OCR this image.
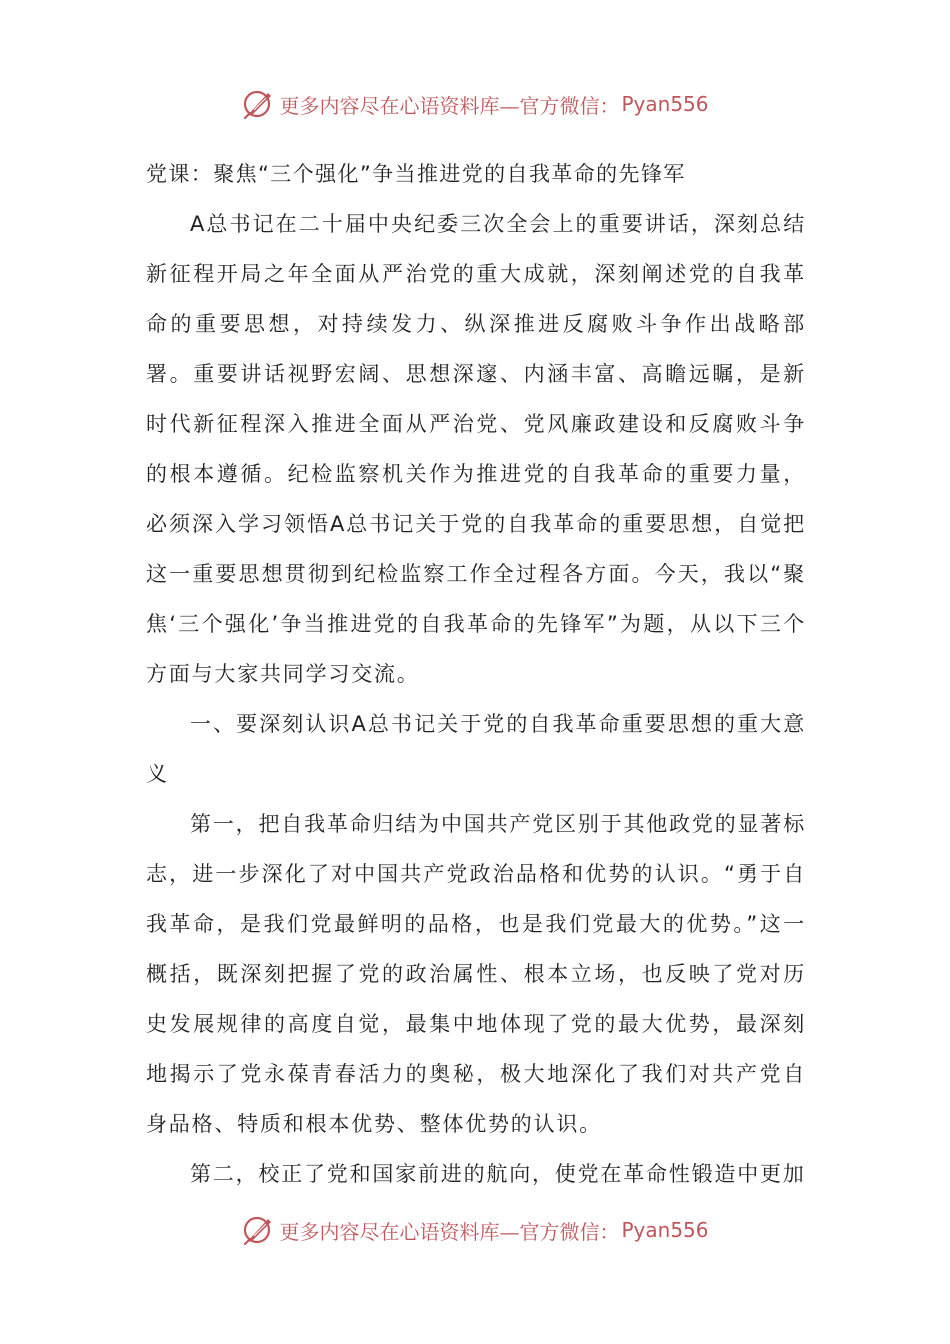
更多内容尽在心语资料库—官方微信： Pyan556

党课：聚焦“三个强化”争当推进党的自我革命的先锋军

A总书记在二十届中央纪委三次全会上的重要讲话，深刻总结新征程开局之年全面从严治党的重大成就，深刻阐述党的自我革命的重要思想，对持续发力、纵深推进反腐败斗争作出战略部署。重要讲话视野宏阔、思想深邃、内涵丰富、高瞻远瞩，是新时代新征程深入推进全面从严治党、党风廉政建设和反腐败斗争的根本遵循。纪检监察机关作为推进党的自我革命的重要力量，必须深入学习领悟A总书记关于党的自我革命的重要思想，自觉把这一重要思想贯彻到纪检监察工作全过程各方面。今天，我以“聚焦‘三个强化’争当推进党的自我革命的先锋军”为题，从以下三个方面与大家共同学习交流。

一、要深刻认识A总书记关于党的自我革命重要思想的重大意义

第一，把自我革命归结为中国共产党区别于其他政党的显著标志，进一步深化了对中国共产党政治品格和优势的认识。“勇于自我革命，是我们党最鲜明的品格，也是我们党最大的优势。”这一概括，既深刻把握了党的政治属性、根本立场，也反映了党对历史发展规律的高度自觉，最集中地体现了党的最大优势，最深刻地揭示了党永葆青春活力的奥秘，极大地深化了我们对共产党自身品格、特质和根本优势、整体优势的认识。

第二，校正了党和国家前进的航向，使党在革命性锻造中更加

更多内容尽在心语资料库—官方微信： Pyan556
